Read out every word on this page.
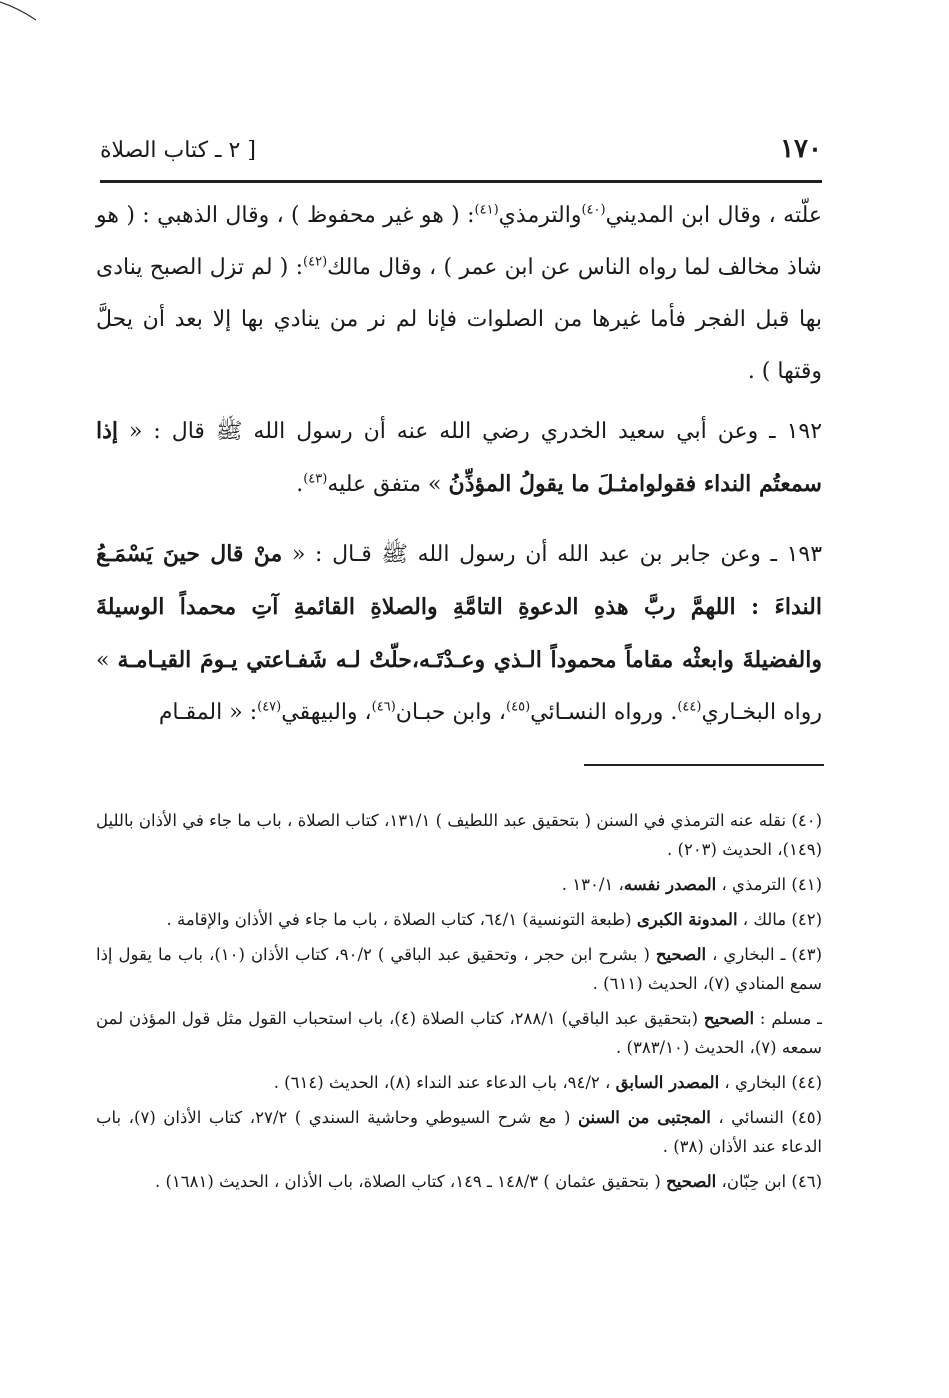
١٧٠
[ ٢ ـ كتاب الصلاة
علّته ، وقال ابن المديني$^{(٤٠)}$والترمذي$^{(٤١)}$: ( هو غير محفوظ ) ، وقال الذهبي : ( هو شاذ مخالف لما رواه الناس عن ابن عمر ) ، وقال مالك$^{(٤٢)}$: ( لم تزل الصبح ينادى بها قبل الفجر فأما غيرها من الصلوات فإنا لم نر من ينادي بها إلا بعد أن يحلَّ وقتها ) .
١٩٢ ـ وعن أبي سعيد الخدري رضي الله عنه أن رسول الله ﷺ قال : « إذا سمعتُم النداء فقولوامثـلَ ما يقولُ المؤذِّنُ » متفق عليه$^{(٤٣)}$.
١٩٣ ـ وعن جابر بن عبد الله أن رسول الله ﷺ قـال : « منْ قال حينَ يَسْمَـعُ النداءَ : اللهمَّ ربَّ هذهِ الدعوةِ التامَّةِ والصلاةِ القائمةِ آتِ محمداً الوسيلةَ والفضيلةَ وابعثْه مقاماً محموداً الـذي وعـدْتَـه،حلّتْ لـه شَفـاعتي يـومَ القيـامـة » رواه البخـاري$^{(٤٤)}$. ورواه النسـائي$^{(٤٥)}$، وابن حبـان$^{(٤٦)}$، والبيهقي$^{(٤٧)}$: « المقـام

(٤٠) نقله عنه الترمذي في السنن ( بتحقيق عبد اللطيف ) ١٣١/١، كتاب الصلاة ، باب ما جاء في الأذان بالليل (١٤٩)، الحديث (٢٠٣) .

(٤١) الترمذي ، المصدر نفسه، ١٣٠/١ .

(٤٢) مالك ، المدونة الكبرى (طبعة التونسية) ٦٤/١، كتاب الصلاة ، باب ما جاء في الأذان والإقامة .

(٤٣) ـ البخاري ، الصحيح ( بشرح ابن حجر ، وتحقيق عبد الباقي ) ٩٠/٢، كتاب الأذان (١٠)، باب ما يقول إذا سمع المنادي (٧)، الحديث (٦١١) .

ـ مسلم : الصحيح (بتحقيق عبد الباقي) ٢٨٨/١، كتاب الصلاة (٤)، باب استحباب القول مثل قول المؤذن لمن سمعه (٧)، الحديث (٣٨٣/١٠) .

(٤٤) البخاري ، المصدر السابق ، ٩٤/٢، باب الدعاء عند النداء (٨)، الحديث (٦١٤) .

(٤٥) النسائي ، المجتبى من السنن ( مع شرح السيوطي وحاشية السندي ) ٢٧/٢، كتاب الأذان (٧)، باب الدعاء عند الأذان (٣٨) .

(٤٦) ابن حِبّان، الصحيح ( بتحقيق عثمان ) ١٤٨/٣ ـ ١٤٩، كتاب الصلاة، باب الأذان ، الحديث (١٦٨١) .
